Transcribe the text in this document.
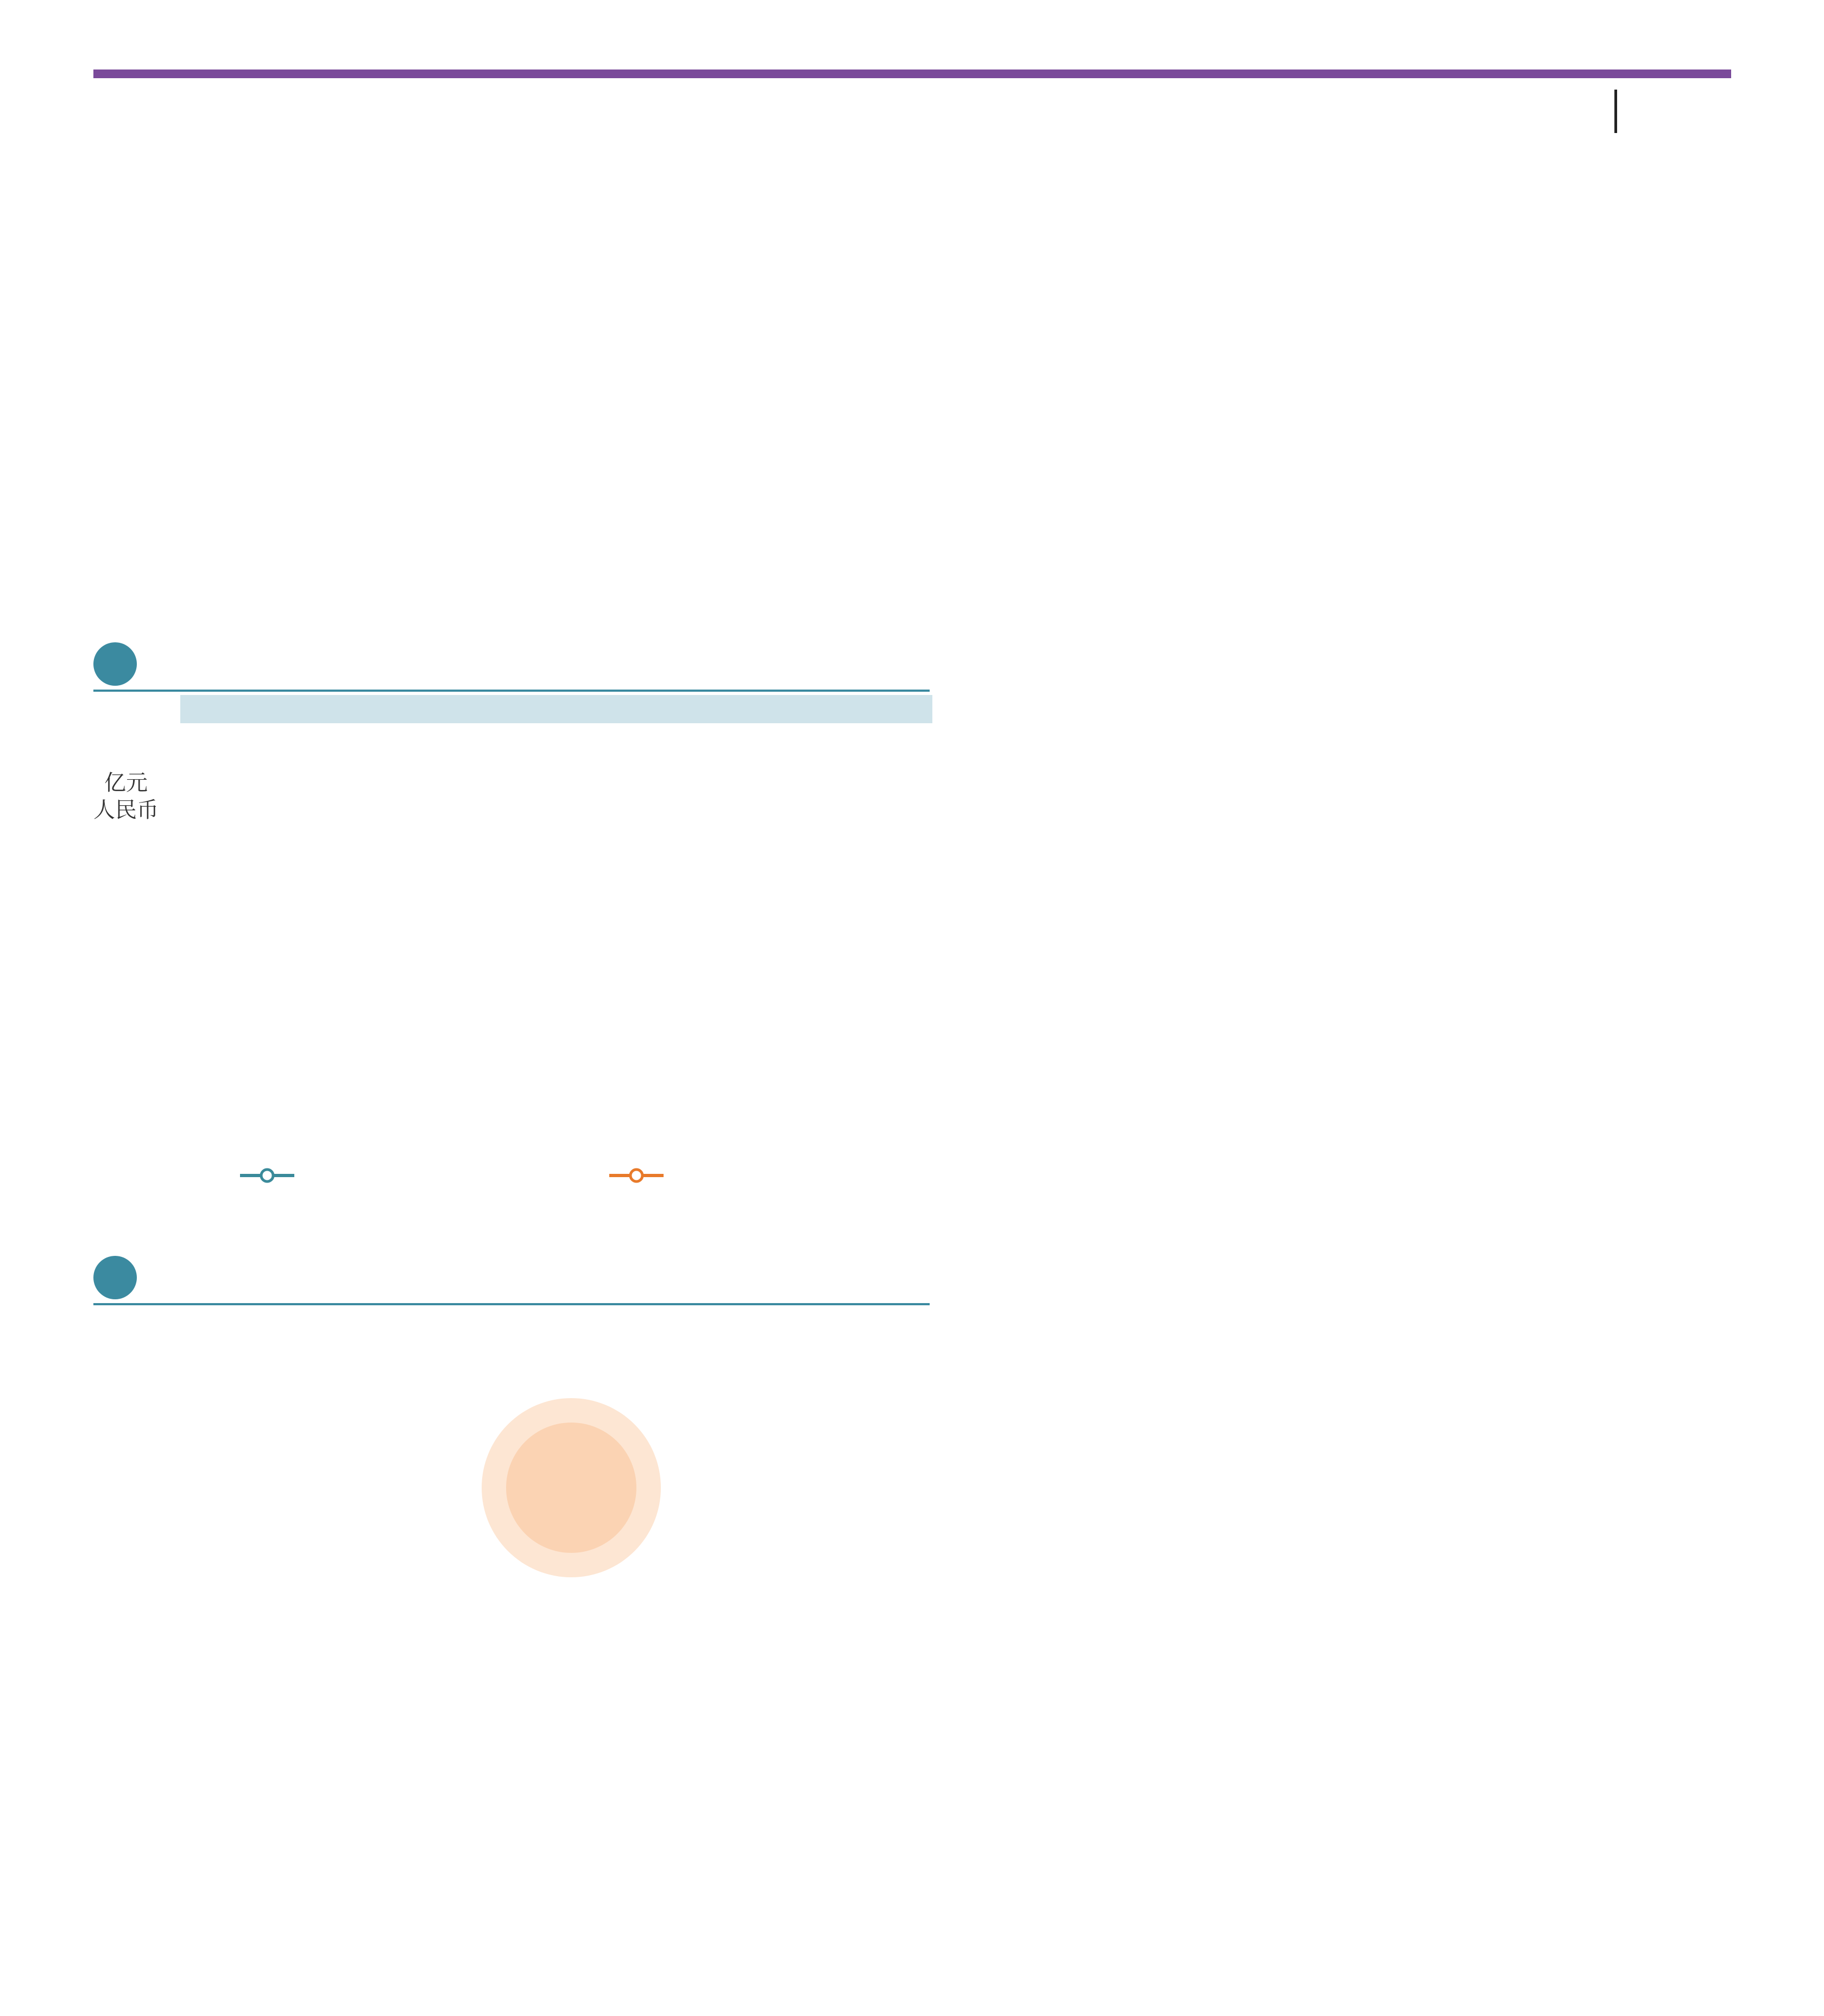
亿元
人民币
